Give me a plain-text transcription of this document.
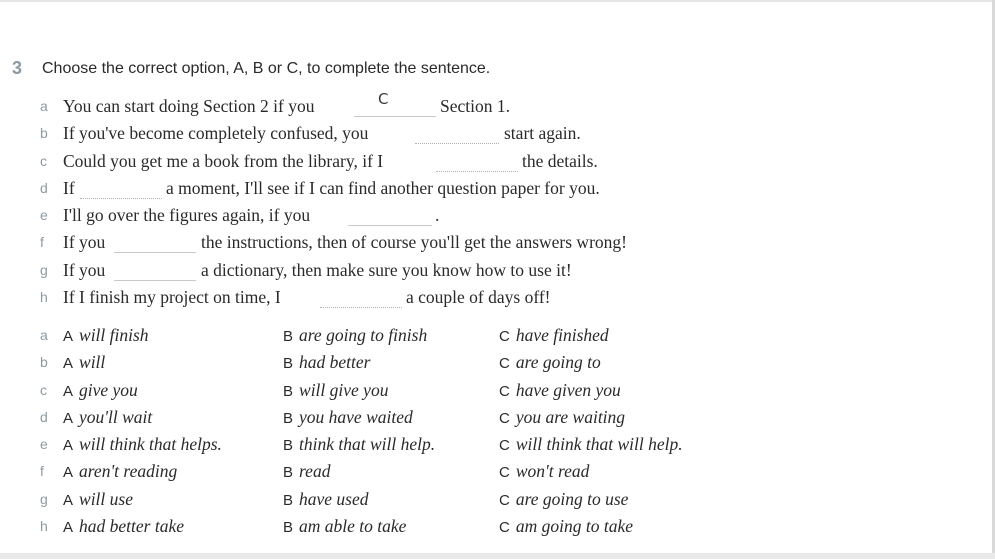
3 Choose the correct option, A, B or C, to complete the sentence.
a You can start doing Section 2 if you	C	Section 1.
b If you've become completely confused, you	start again.
c Could you get me a book from the library, if I	the details.
d If	a moment, I'll see if I can find another question paper for you.
e I'll go over the figures again, if you	.
f	If you	the instructions, then of course you'll get the answers wrong!
g If you	a dictionary, then make sure you know how to use it!
h If I finish my project on time, I	a couple of days off!
a	A will finish	B are going to finish	C have finished
b	A will	B had better	C are going to
c	A give you	B will give you	C have given you
d	A you'll wait	B you have waited	C you are waiting
e	A will think that helps.	B think that will help.	C will think that will help.
f	A aren't reading	B read	C won't read
g	A will use	B have used	C are going to use
h	A had better take	B am able to take	C am going to take
